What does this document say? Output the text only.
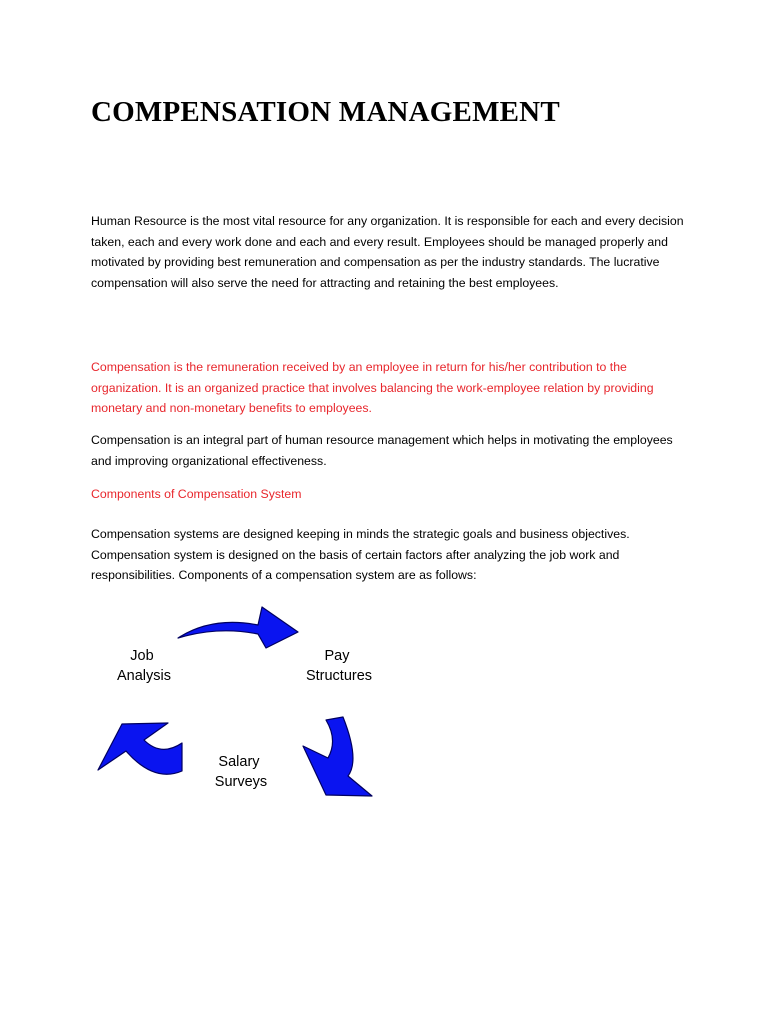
COMPENSATION MANAGEMENT

Human Resource is the most vital resource for any organization. It is responsible for each and every decision taken, each and every work done and each and every result. Employees should be managed properly and motivated by providing best remuneration and compensation as per the industry standards. The lucrative compensation will also serve the need for attracting and retaining the best employees.

Compensation is the remuneration received by an employee in return for his/her contribution to the organization. It is an organized practice that involves balancing the work-employee relation by providing monetary and non-monetary benefits to employees.

Compensation is an integral part of human resource management which helps in motivating the employees and improving organizational effectiveness.

Components of Compensation System

Compensation systems are designed keeping in minds the strategic goals and business objectives. Compensation system is designed on the basis of certain factors after analyzing the job work and responsibilities. Components of a compensation system are as follows:

Job Analysis
Pay Structures
Salary Surveys
